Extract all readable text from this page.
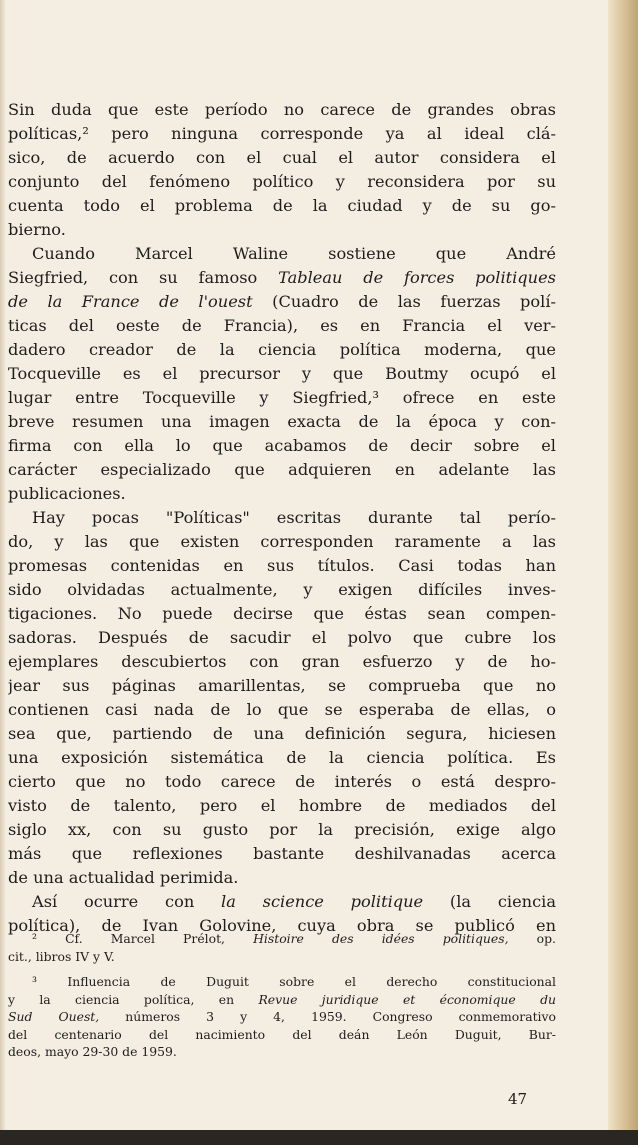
Sin duda que este período no carece de grandes obras
políticas,² pero ninguna corresponde ya al ideal clá-
sico, de acuerdo con el cual el autor considera el
conjunto del fenómeno político y reconsidera por su
cuenta todo el problema de la ciudad y de su go-
bierno.
Cuando Marcel Waline sostiene que André
Siegfried, con su famoso Tableau de forces politiques
de la France de l'ouest (Cuadro de las fuerzas polí-
ticas del oeste de Francia), es en Francia el ver-
dadero creador de la ciencia política moderna, que
Tocqueville es el precursor y que Boutmy ocupó el
lugar entre Tocqueville y Siegfried,³ ofrece en este
breve resumen una imagen exacta de la época y con-
firma con ella lo que acabamos de decir sobre el
carácter especializado que adquieren en adelante las
publicaciones.
Hay pocas "Políticas" escritas durante tal perío-
do, y las que existen corresponden raramente a las
promesas contenidas en sus títulos. Casi todas han
sido olvidadas actualmente, y exigen difíciles inves-
tigaciones. No puede decirse que éstas sean compen-
sadoras. Después de sacudir el polvo que cubre los
ejemplares descubiertos con gran esfuerzo y de ho-
jear sus páginas amarillentas, se comprueba que no
contienen casi nada de lo que se esperaba de ellas, o
sea que, partiendo de una definición segura, hiciesen
una exposición sistemática de la ciencia política. Es
cierto que no todo carece de interés o está despro-
visto de talento, pero el hombre de mediados del
siglo xx, con su gusto por la precisión, exige algo
más que reflexiones bastante deshilvanadas acerca
de una actualidad perimida.
Así ocurre con la science politique (la ciencia
política), de Ivan Golovine, cuya obra se publicó en
² Cf. Marcel Prélot, Histoire des idées politiques, op.
cit., libros IV y V.
³ Influencia de Duguit sobre el derecho constitucional
y la ciencia política, en Revue juridique et économique du
Sud Ouest, números 3 y 4, 1959. Congreso conmemorativo
del centenario del nacimiento del deán León Duguit, Bur-
deos, mayo 29-30 de 1959.
47
